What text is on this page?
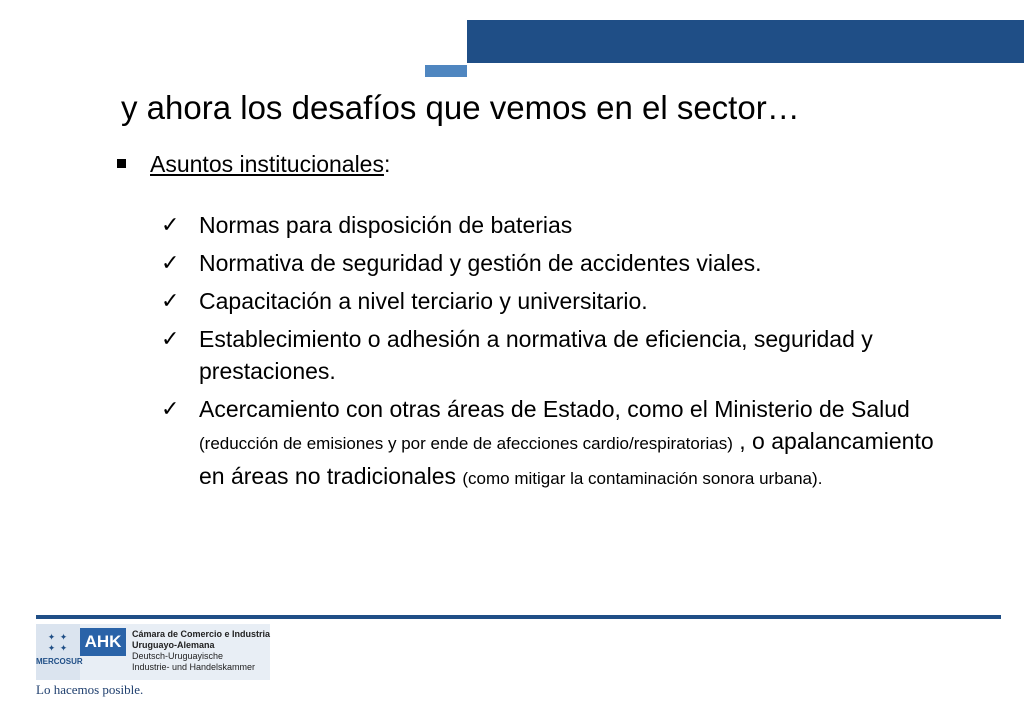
y ahora los desafíos que vemos en el sector…
Asuntos institucionales:
✓ Normas para disposición de baterias
✓ Normativa de seguridad y gestión de accidentes viales.
✓ Capacitación a nivel terciario y universitario.
✓ Establecimiento o adhesión a normativa de eficiencia, seguridad y prestaciones.
✓ Acercamiento con otras áreas de Estado, como el Ministerio de Salud (reducción de emisiones y por ende de afecciones cardio/respiratorias) , o apalancamiento en áreas no tradicionales (como mitigar la contaminación sonora urbana).
✦ ✦
✦ ✦
MERCOSUR
AHK	Cámara de Comercio e Industria
Uruguayo-Alemana
Deutsch-Uruguayische
Industrie- und Handelskammer
Lo hacemos posible.
